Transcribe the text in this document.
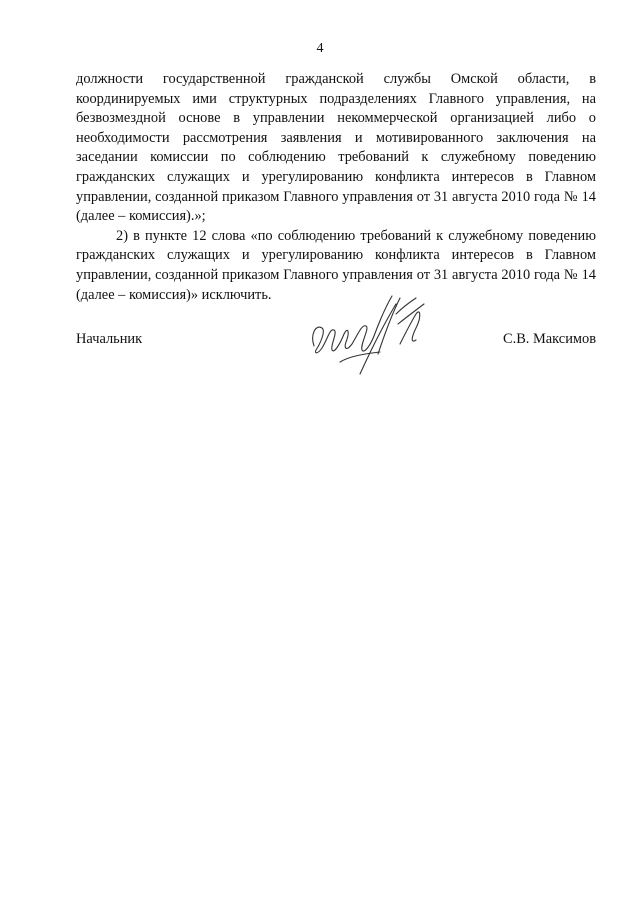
4

должности государственной гражданской службы Омской области, в координируемых ими структурных подразделениях Главного управления, на безвозмездной основе в управлении некоммерческой организацией либо о необходимости рассмотрения заявления и мотивированного заключения на заседании комиссии по соблюдению требований к служебному поведению гражданских служащих и урегулированию конфликта интересов в Главном управлении, созданной приказом Главного управления от 31 августа 2010 года № 14 (далее – комиссия).»;

2) в пункте 12 слова «по соблюдению требований к служебному поведению гражданских служащих и урегулированию конфликта интересов в Главном управлении, созданной приказом Главного управления от 31 августа 2010 года № 14 (далее – комиссия)» исключить.

Начальник	С.В. Максимов
